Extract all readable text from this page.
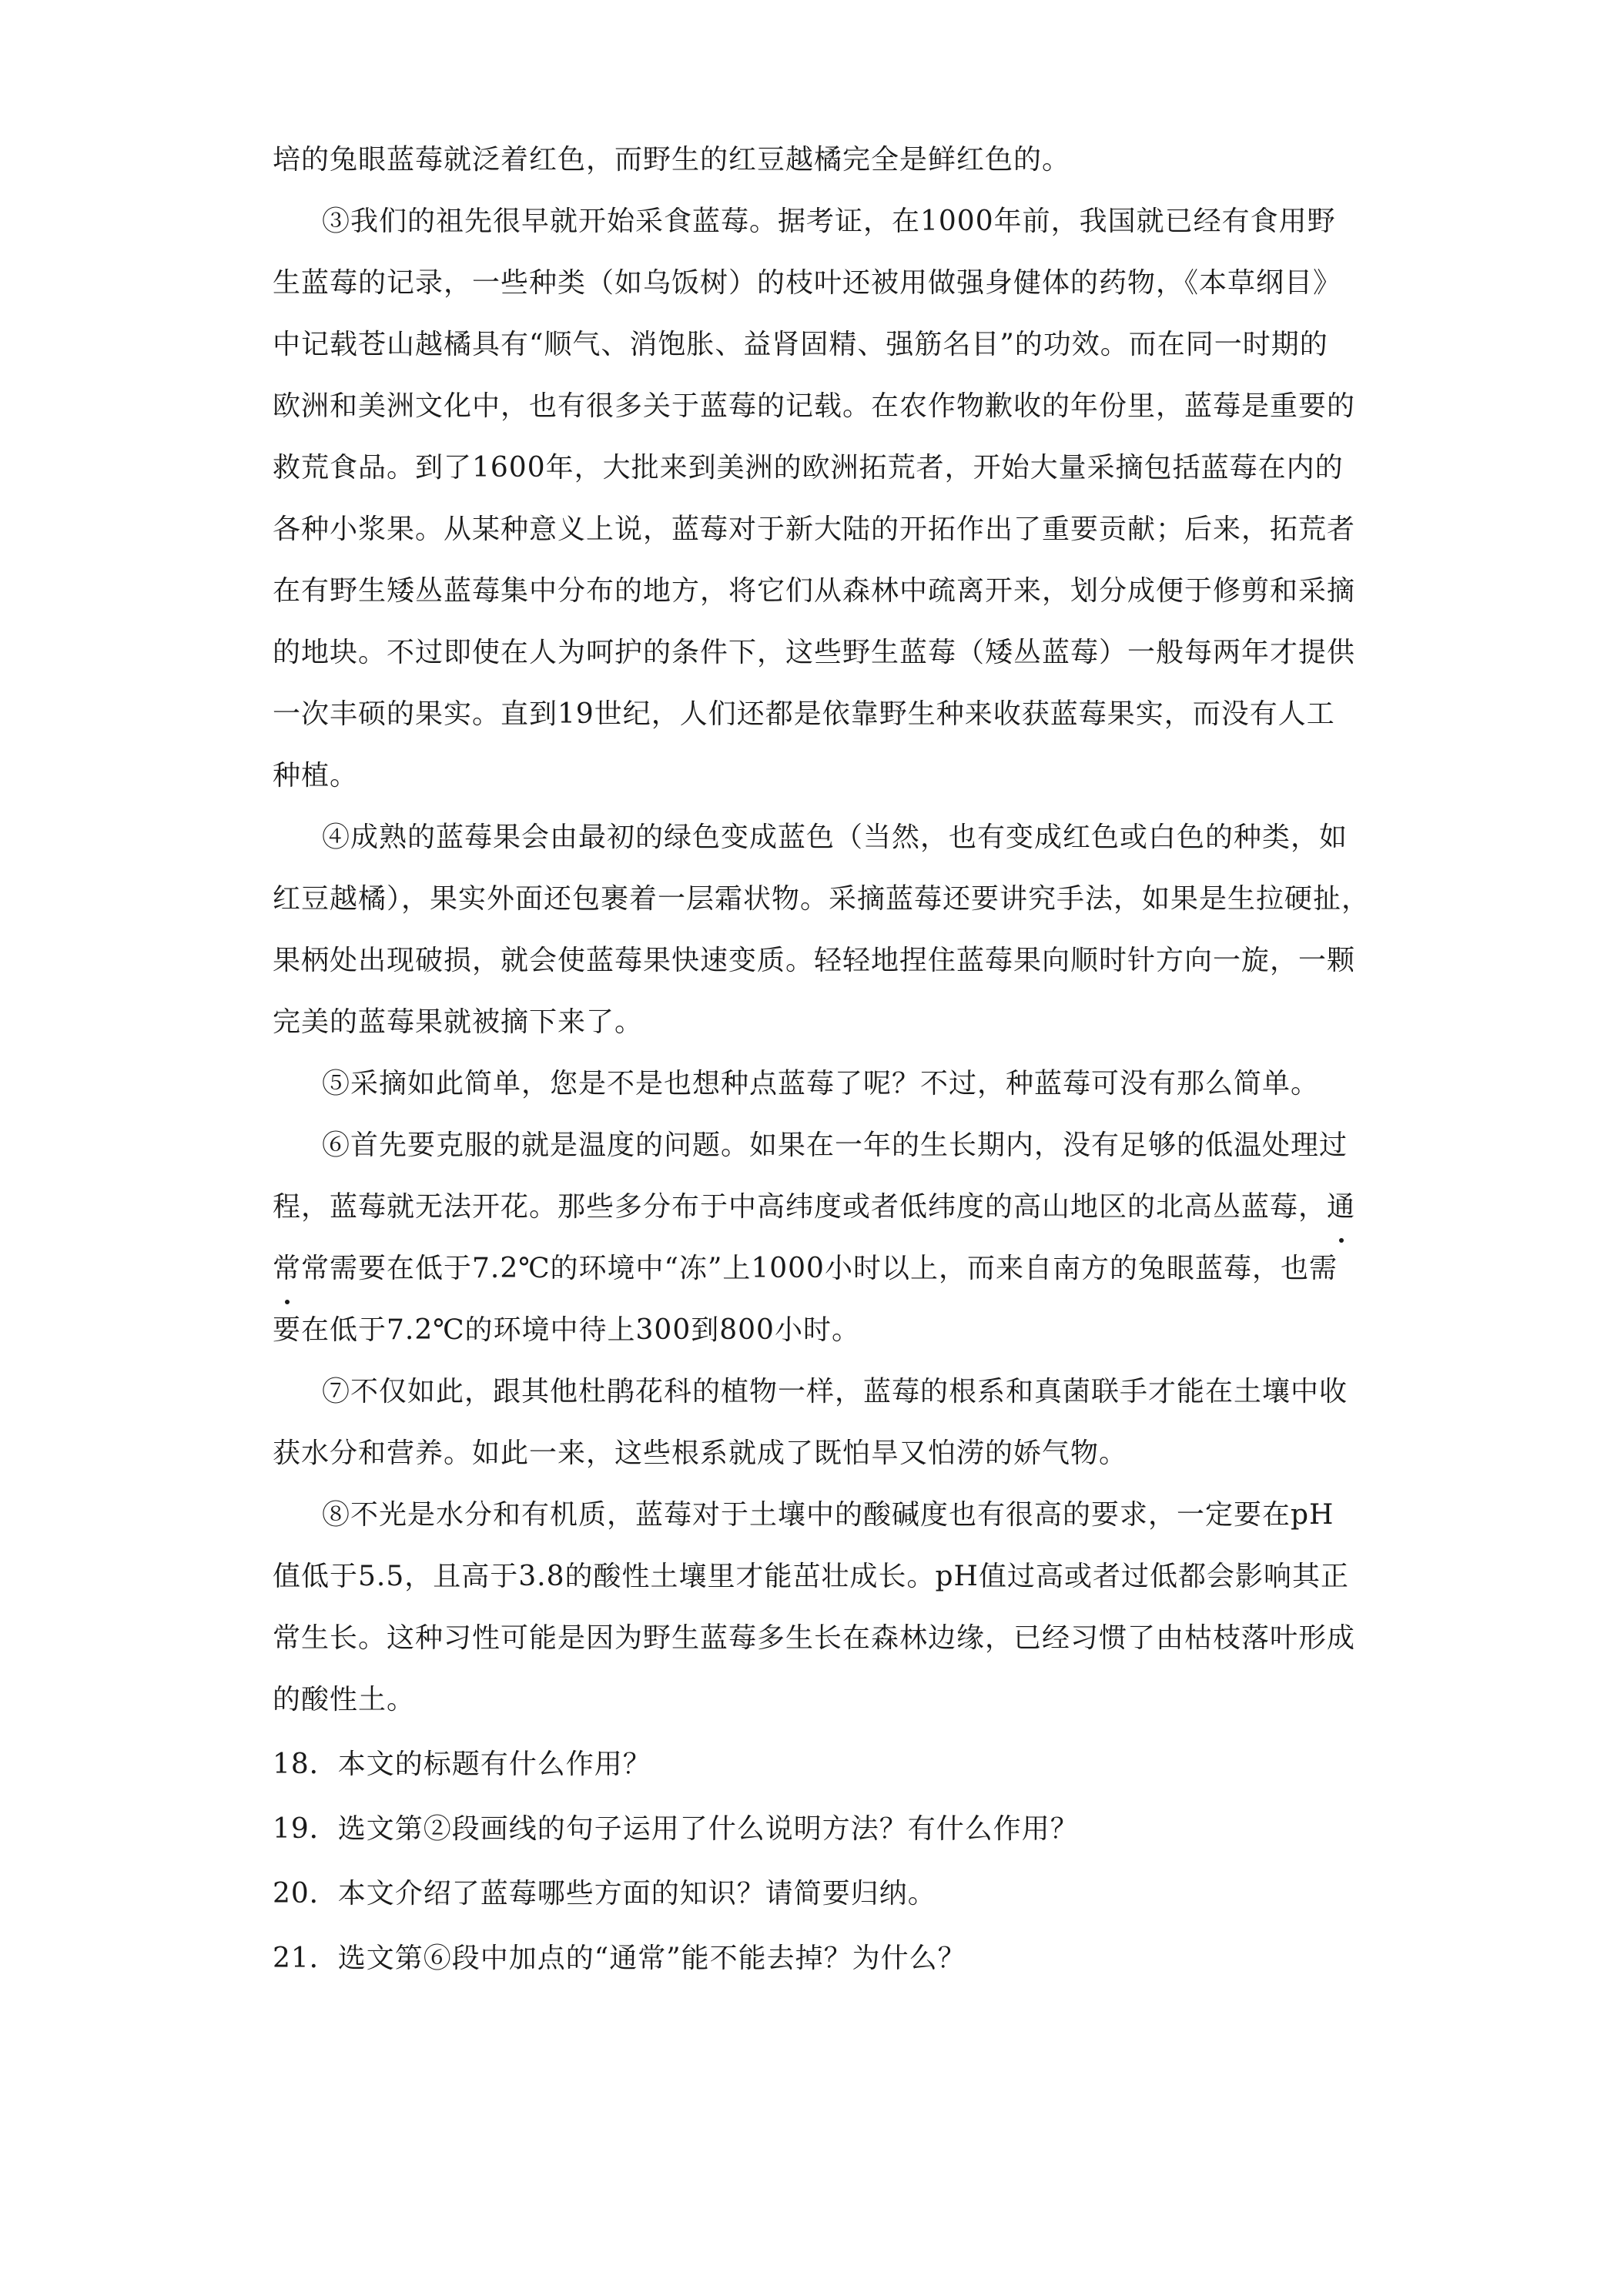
培的兔眼蓝莓就泛着红色，而野生的红豆越橘完全是鲜红色的。
③我们的祖先很早就开始采食蓝莓。据考证，在1000年前，我国就已经有食用野
生蓝莓的记录，一些种类（如乌饭树）的枝叶还被用做强身健体的药物，《本草纲目》
中记载苍山越橘具有“顺气、消饱胀、益肾固精、强筋名目”的功效。而在同一时期的
欧洲和美洲文化中，也有很多关于蓝莓的记载。在农作物歉收的年份里，蓝莓是重要的
救荒食品。到了1600年，大批来到美洲的欧洲拓荒者，开始大量采摘包括蓝莓在内的
各种小浆果。从某种意义上说，蓝莓对于新大陆的开拓作出了重要贡献；后来，拓荒者
在有野生矮丛蓝莓集中分布的地方，将它们从森林中疏离开来，划分成便于修剪和采摘
的地块。不过即使在人为呵护的条件下，这些野生蓝莓（矮丛蓝莓）一般每两年才提供
一次丰硕的果实。直到19世纪，人们还都是依靠野生种来收获蓝莓果实，而没有人工
种植。
④成熟的蓝莓果会由最初的绿色变成蓝色（当然，也有变成红色或白色的种类，如
红豆越橘），果实外面还包裹着一层霜状物。采摘蓝莓还要讲究手法，如果是生拉硬扯，
果柄处出现破损，就会使蓝莓果快速变质。轻轻地捏住蓝莓果向顺时针方向一旋，一颗
完美的蓝莓果就被摘下来了。
⑤采摘如此简单，您是不是也想种点蓝莓了呢？不过，种蓝莓可没有那么简单。
⑥首先要克服的就是温度的问题。如果在一年的生长期内，没有足够的低温处理过
程，蓝莓就无法开花。那些多分布于中高纬度或者低纬度的高山地区的北高丛蓝莓，通
常常需要在低于7.2℃的环境中“冻”上1000小时以上，而来自南方的兔眼蓝莓，也需
要在低于7.2℃的环境中待上300到800小时。
⑦不仅如此，跟其他杜鹃花科的植物一样，蓝莓的根系和真菌联手才能在土壤中收
获水分和营养。如此一来，这些根系就成了既怕旱又怕涝的娇气物。
⑧不光是水分和有机质，蓝莓对于土壤中的酸碱度也有很高的要求，一定要在pH
值低于5.5，且高于3.8的酸性土壤里才能茁壮成长。pH值过高或者过低都会影响其正
常生长。这种习性可能是因为野生蓝莓多生长在森林边缘，已经习惯了由枯枝落叶形成
的酸性土。
18．本文的标题有什么作用？
19．选文第②段画线的句子运用了什么说明方法？有什么作用？
20．本文介绍了蓝莓哪些方面的知识？请简要归纳。
21．选文第⑥段中加点的“通常”能不能去掉？为什么？
